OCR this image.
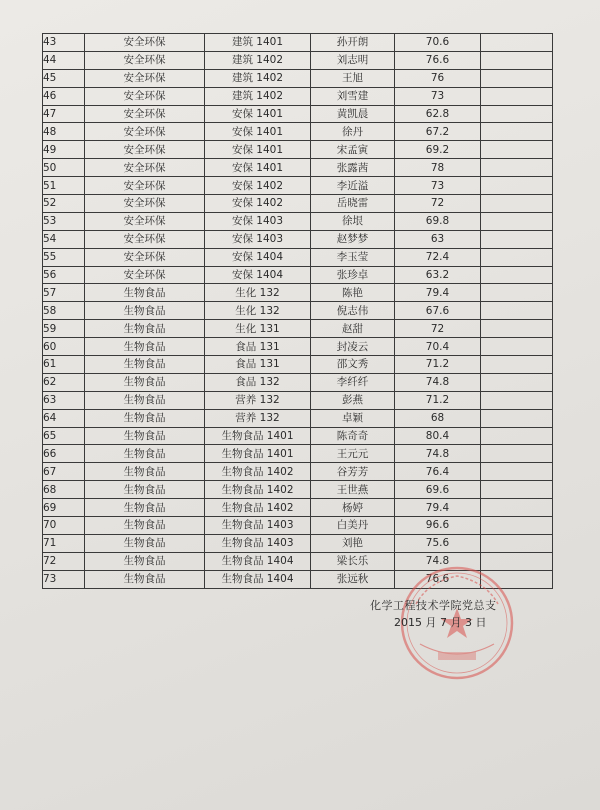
43	安全环保	建筑 1401	孙开朗	70.6	
44	安全环保	建筑 1402	刘志明	76.6	
45	安全环保	建筑 1402	王旭	76	
46	安全环保	建筑 1402	刘雪建	73	
47	安全环保	安保 1401	黄凯晨	62.8	
48	安全环保	安保 1401	徐丹	67.2	
49	安全环保	安保 1401	宋孟寅	69.2	
50	安全环保	安保 1401	张露茜	78	
51	安全环保	安保 1402	李近溢	73	
52	安全环保	安保 1402	岳晓雷	72	
53	安全环保	安保 1403	徐垠	69.8	
54	安全环保	安保 1403	赵梦梦	63	
55	安全环保	安保 1404	李玉莹	72.4	
56	安全环保	安保 1404	张珍卓	63.2	
57	生物食品	生化 132	陈艳	79.4	
58	生物食品	生化 132	倪志伟	67.6	
59	生物食品	生化 131	赵甜	72	
60	生物食品	食品 131	封凌云	70.4	
61	生物食品	食品 131	邵文秀	71.2	
62	生物食品	食品 132	李纤纤	74.8	
63	生物食品	营养 132	彭燕	71.2	
64	生物食品	营养 132	卓颖	68	
65	生物食品	生物食品 1401	陈奇奇	80.4	
66	生物食品	生物食品 1401	王元元	74.8	
67	生物食品	生物食品 1402	谷芳芳	76.4	
68	生物食品	生物食品 1402	王世燕	69.6	
69	生物食品	生物食品 1402	杨婷	79.4	
70	生物食品	生物食品 1403	白美丹	96.6	
71	生物食品	生物食品 1403	刘艳	75.6	
72	生物食品	生物食品 1404	梁长乐	74.8	
73	生物食品	生物食品 1404	张远秋	76.6	
化学工程技术学院党总支
2015 月 7 月 3 日
